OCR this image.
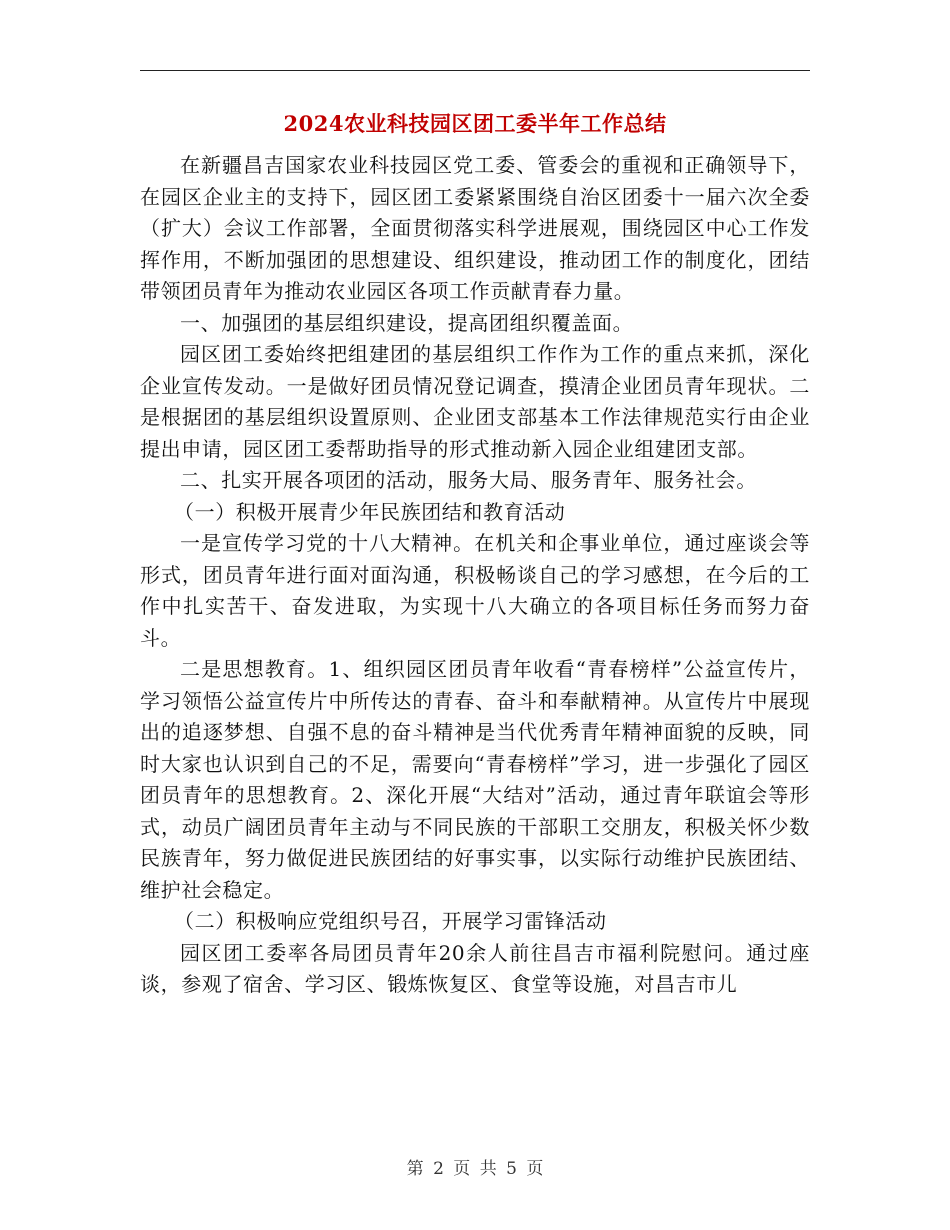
2024农业科技园区团工委半年工作总结

在新疆昌吉国家农业科技园区党工委、管委会的重视和正确领导下，在园区企业主的支持下，园区团工委紧紧围绕自治区团委十一届六次全委（扩大）会议工作部署，全面贯彻落实科学进展观，围绕园区中心工作发挥作用，不断加强团的思想建设、组织建设，推动团工作的制度化，团结带领团员青年为推动农业园区各项工作贡献青春力量。

一、加强团的基层组织建设，提高团组织覆盖面。

园区团工委始终把组建团的基层组织工作作为工作的重点来抓，深化企业宣传发动。一是做好团员情况登记调查，摸清企业团员青年现状。二是根据团的基层组织设置原则、企业团支部基本工作法律规范实行由企业提出申请，园区团工委帮助指导的形式推动新入园企业组建团支部。

二、扎实开展各项团的活动，服务大局、服务青年、服务社会。

（一）积极开展青少年民族团结和教育活动

一是宣传学习党的十八大精神。在机关和企事业单位，通过座谈会等形式，团员青年进行面对面沟通，积极畅谈自己的学习感想，在今后的工作中扎实苦干、奋发进取，为实现十八大确立的各项目标任务而努力奋斗。

二是思想教育。1、组织园区团员青年收看“青春榜样”公益宣传片，学习领悟公益宣传片中所传达的青春、奋斗和奉献精神。从宣传片中展现出的追逐梦想、自强不息的奋斗精神是当代优秀青年精神面貌的反映，同时大家也认识到自己的不足，需要向“青春榜样”学习，进一步强化了园区团员青年的思想教育。2、深化开展“大结对”活动，通过青年联谊会等形式，动员广阔团员青年主动与不同民族的干部职工交朋友，积极关怀少数民族青年，努力做促进民族团结的好事实事，以实际行动维护民族团结、维护社会稳定。

（二）积极响应党组织号召，开展学习雷锋活动

园区团工委率各局团员青年20余人前往昌吉市福利院慰问。通过座谈，参观了宿舍、学习区、锻炼恢复区、食堂等设施，对昌吉市儿

第 2 页 共 5 页
